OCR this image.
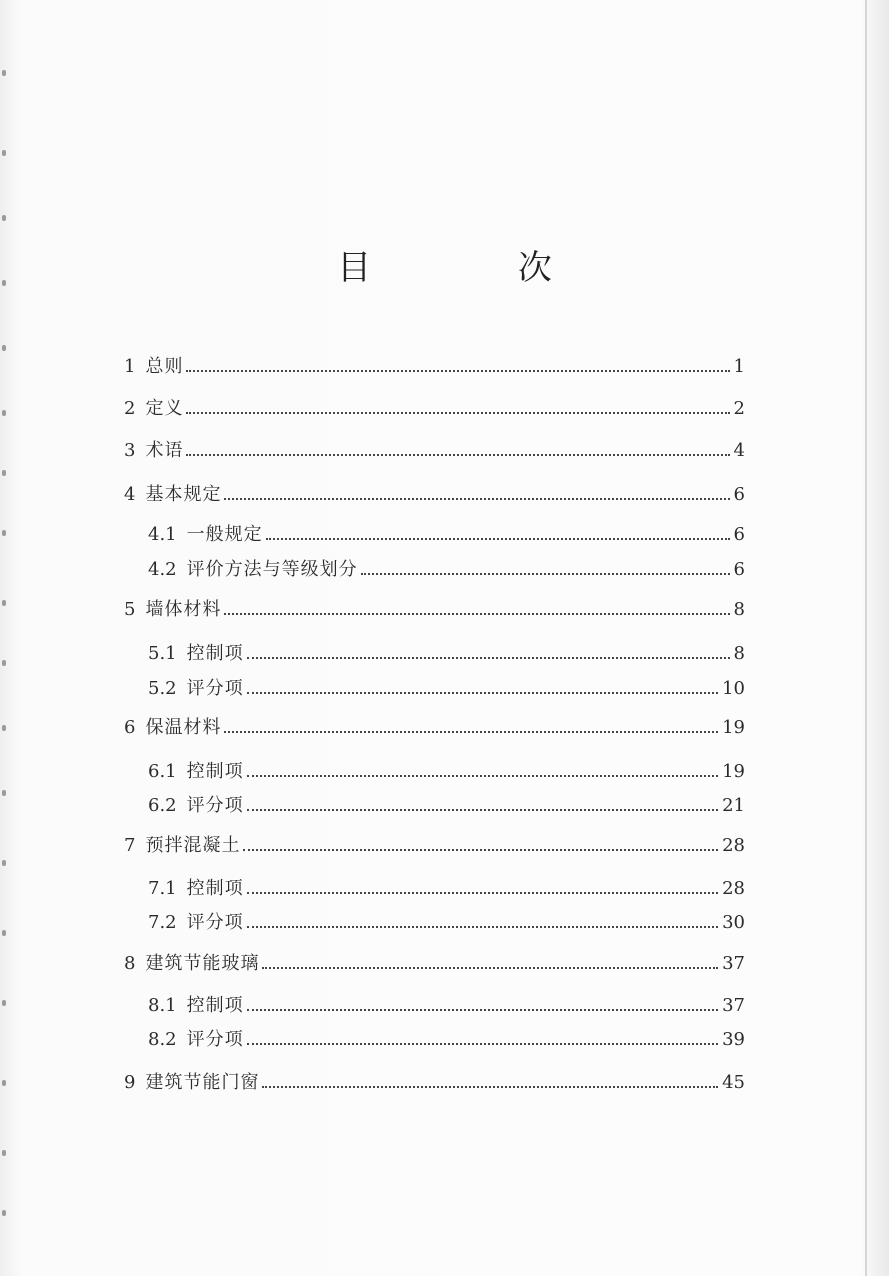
目 次
1 总则	1
2 定义	2
3 术语	4
4 基本规定	6
4.1 一般规定	6
4.2 评价方法与等级划分	6
5 墙体材料	8
5.1 控制项	8
5.2 评分项	10
6 保温材料	19
6.1 控制项	19
6.2 评分项	21
7 预拌混凝土	28
7.1 控制项	28
7.2 评分项	30
8 建筑节能玻璃	37
8.1 控制项	37
8.2 评分项	39
9 建筑节能门窗	45
